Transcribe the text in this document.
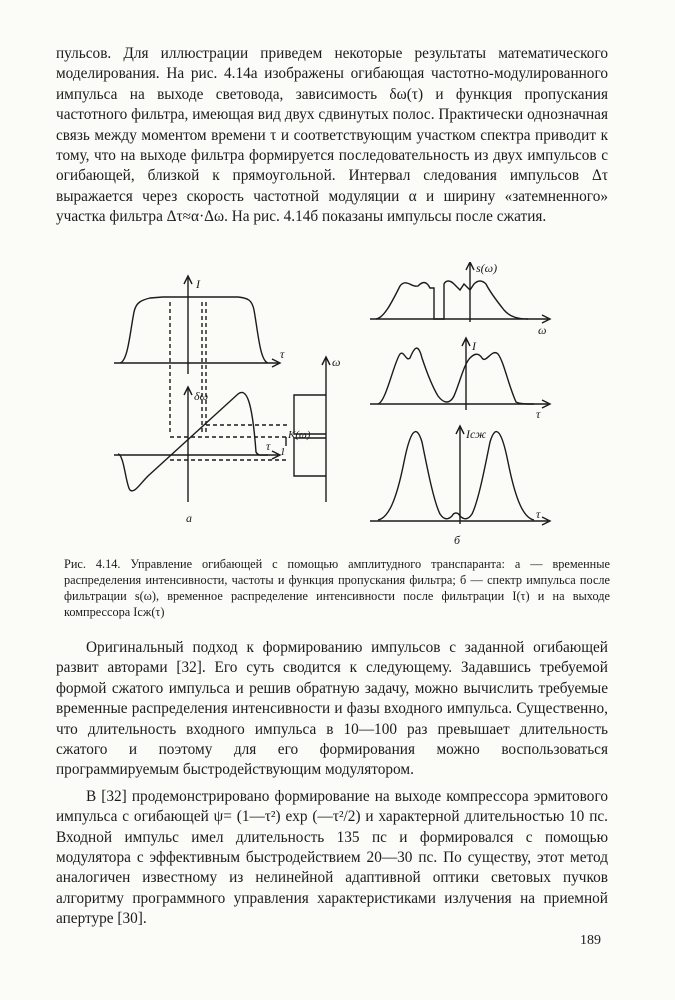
пульсов. Для иллюстрации приведем некоторые результаты математического моделирования. На рис. 4.14а изображены огибающая частотно-модулированного импульса на выходе световода, зависимость δω(τ) и функция пропускания частотного фильтра, имеющая вид двух сдвинутых полос. Практически однозначная связь между моментом времени τ и соответствующим участком спектра приводит к тому, что на выходе фильтра формируется последовательность из двух импульсов с огибающей, близкой к прямоугольной. Интервал следования импульсов Δτ выражается через скорость частотной модуляции α и ширину «затемненного» участка фильтра Δτ≈α·Δω. На рис. 4.14б показаны импульсы после сжатия.

I
τ
δω
τ
K(ω)
1
ω
а
s(ω)
ω
I
τ
Iсж
τ
б

Рис. 4.14. Управление огибающей с помощью амплитудного транспаранта: а — временные распределения интенсивности, частоты и функция пропускания фильтра; б — спектр импульса после фильтрации s(ω), временное распределение интенсивности после фильтрации I(τ) и на выходе компрессора Iсж(τ)

Оригинальный подход к формированию импульсов с заданной огибающей развит авторами [32]. Его суть сводится к следующему. Задавшись требуемой формой сжатого импульса и решив обратную задачу, можно вычислить требуемые временные распределения интенсивности и фазы входного импульса. Существенно, что длительность входного импульса в 10—100 раз превышает длительность сжатого и поэтому для его формирования можно воспользоваться программируемым быстродействующим модулятором.

В [32] продемонстрировано формирование на выходе компрессора эрмитового импульса с огибающей ψ= (1—τ²) exp (—τ²/2) и характерной длительностью 10 пс. Входной импульс имел длительность 135 пс и формировался с помощью модулятора с эффективным быстродействием 20—30 пс. По существу, этот метод аналогичен известному из нелинейной адаптивной оптики световых пучков алгоритму программного управления характеристиками излучения на приемной апертуре [30].

189
